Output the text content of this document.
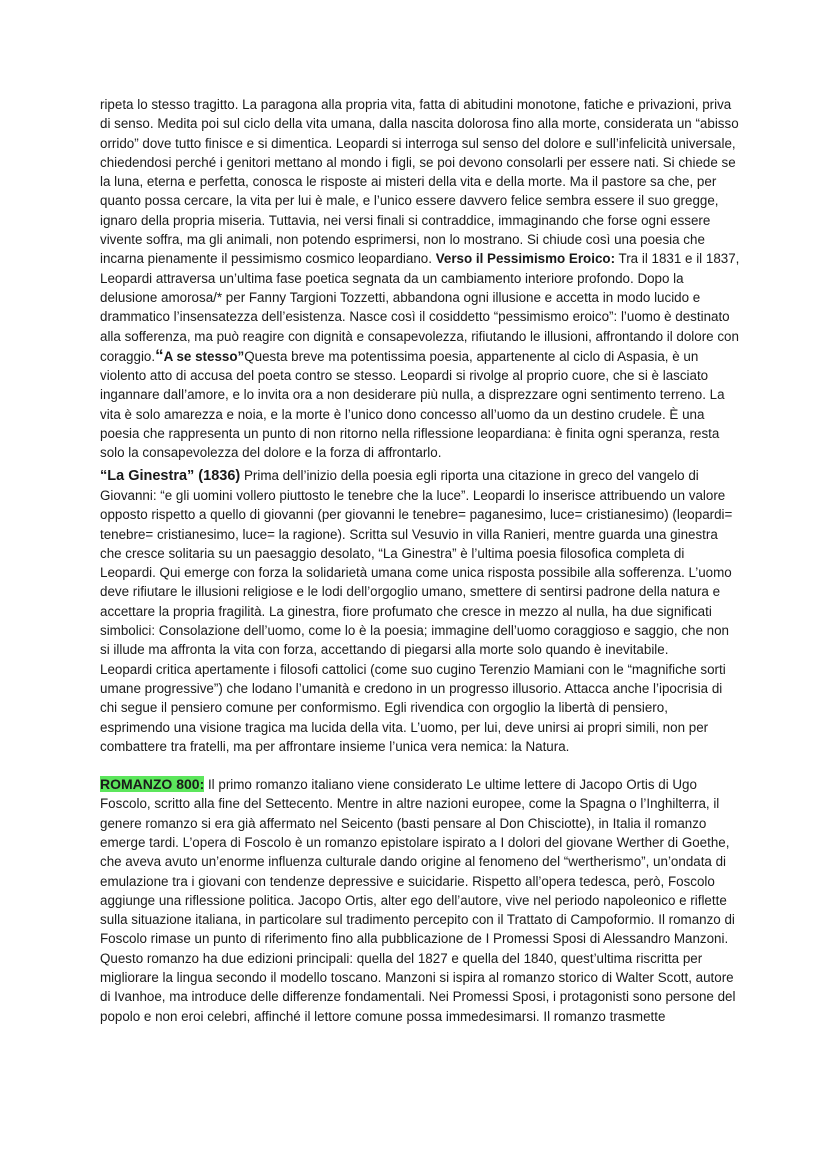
ripeta lo stesso tragitto. La paragona alla propria vita, fatta di abitudini monotone, fatiche e privazioni, priva di senso. Medita poi sul ciclo della vita umana, dalla nascita dolorosa fino alla morte, considerata un “abisso orrido” dove tutto finisce e si dimentica. Leopardi si interroga sul senso del dolore e sull’infelicità universale, chiedendosi perché i genitori mettano al mondo i figli, se poi devono consolarli per essere nati. Si chiede se la luna, eterna e perfetta, conosca le risposte ai misteri della vita e della morte. Ma il pastore sa che, per quanto possa cercare, la vita per lui è male, e l’unico essere davvero felice sembra essere il suo gregge, ignaro della propria miseria. Tuttavia, nei versi finali si contraddice, immaginando che forse ogni essere vivente soffra, ma gli animali, non potendo esprimersi, non lo mostrano. Si chiude così una poesia che incarna pienamente il pessimismo cosmico leopardiano. Verso il Pessimismo Eroico: Tra il 1831 e il 1837, Leopardi attraversa un’ultima fase poetica segnata da un cambiamento interiore profondo. Dopo la delusione amorosa/* per Fanny Targioni Tozzetti, abbandona ogni illusione e accetta in modo lucido e drammatico l’insensatezza dell’esistenza. Nasce così il cosiddetto “pessimismo eroico”: l’uomo è destinato alla sofferenza, ma può reagire con dignità e consapevolezza, rifiutando le illusioni, affrontando il dolore con coraggio.“A se stesso”Questa breve ma potentissima poesia, appartenente al ciclo di Aspasia, è un violento atto di accusa del poeta contro se stesso. Leopardi si rivolge al proprio cuore, che si è lasciato ingannare dall’amore, e lo invita ora a non desiderare più nulla, a disprezzare ogni sentimento terreno. La vita è solo amarezza e noia, e la morte è l’unico dono concesso all’uomo da un destino crudele. È una poesia che rappresenta un punto di non ritorno nella riflessione leopardiana: è finita ogni speranza, resta solo la consapevolezza del dolore e la forza di affrontarlo.

“La Ginestra” (1836) Prima dell’inizio della poesia egli riporta una citazione in greco del vangelo di Giovanni: “e gli uomini vollero piuttosto le tenebre che la luce”. Leopardi lo inserisce attribuendo un valore opposto rispetto a quello di giovanni (per giovanni le tenebre= paganesimo, luce= cristianesimo) (leopardi= tenebre= cristianesimo, luce= la ragione). Scritta sul Vesuvio in villa Ranieri, mentre guarda una ginestra che cresce solitaria su un paesaggio desolato, “La Ginestra” è l’ultima poesia filosofica completa di Leopardi. Qui emerge con forza la solidarietà umana come unica risposta possibile alla sofferenza. L’uomo deve rifiutare le illusioni religiose e le lodi dell’orgoglio umano, smettere di sentirsi padrone della natura e accettare la propria fragilità. La ginestra, fiore profumato che cresce in mezzo al nulla, ha due significati simbolici: Consolazione dell’uomo, come lo è la poesia; immagine dell’uomo coraggioso e saggio, che non si illude ma affronta la vita con forza, accettando di piegarsi alla morte solo quando è inevitabile.

Leopardi critica apertamente i filosofi cattolici (come suo cugino Terenzio Mamiani con le “magnifiche sorti umane progressive”) che lodano l’umanità e credono in un progresso illusorio. Attacca anche l’ipocrisia di chi segue il pensiero comune per conformismo. Egli rivendica con orgoglio la libertà di pensiero, esprimendo una visione tragica ma lucida della vita. L’uomo, per lui, deve unirsi ai propri simili, non per combattere tra fratelli, ma per affrontare insieme l’unica vera nemica: la Natura.

ROMANZO 800: Il primo romanzo italiano viene considerato Le ultime lettere di Jacopo Ortis di Ugo Foscolo, scritto alla fine del Settecento. Mentre in altre nazioni europee, come la Spagna o l’Inghilterra, il genere romanzo si era già affermato nel Seicento (basti pensare al Don Chisciotte), in Italia il romanzo emerge tardi. L’opera di Foscolo è un romanzo epistolare ispirato a I dolori del giovane Werther di Goethe, che aveva avuto un’enorme influenza culturale dando origine al fenomeno del “wertherismo”, un’ondata di emulazione tra i giovani con tendenze depressive e suicidarie. Rispetto all’opera tedesca, però, Foscolo aggiunge una riflessione politica. Jacopo Ortis, alter ego dell’autore, vive nel periodo napoleonico e riflette sulla situazione italiana, in particolare sul tradimento percepito con il Trattato di Campoformio. Il romanzo di Foscolo rimase un punto di riferimento fino alla pubblicazione de I Promessi Sposi di Alessandro Manzoni. Questo romanzo ha due edizioni principali: quella del 1827 e quella del 1840, quest’ultima riscritta per migliorare la lingua secondo il modello toscano. Manzoni si ispira al romanzo storico di Walter Scott, autore di Ivanhoe, ma introduce delle differenze fondamentali. Nei Promessi Sposi, i protagonisti sono persone del popolo e non eroi celebri, affinché il lettore comune possa immedesimarsi. Il romanzo trasmette
